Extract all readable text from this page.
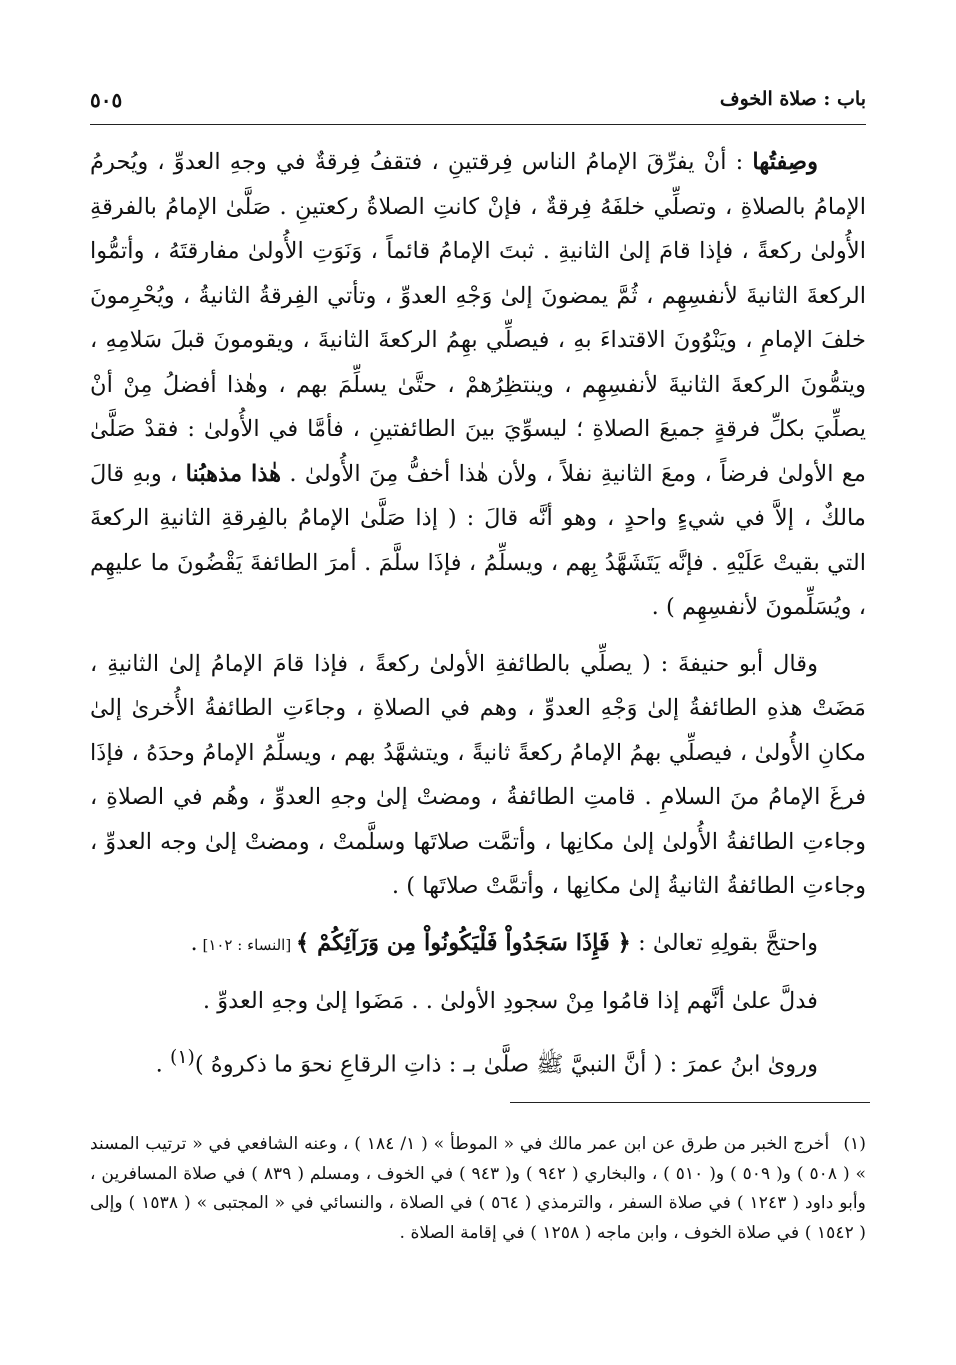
باب : صلاة الخوف
٥٠٥

وصِفتُها : أنْ يفرِّقَ الإمامُ الناس فِرقتينِ ، فتقفُ فِرقةٌ في وجهِ العدوِّ ، ويُحرمُ الإمامُ بالصلاةِ ، وتصلِّي خلفَهُ فِرقةٌ ، فإنْ كانتِ الصلاةُ ركعتينِ . صَلَّىٰ الإمامُ بالفرقةِ الأُولىٰ ركعةً ، فإذا قامَ إلىٰ الثانيةِ . ثبتَ الإمامُ قائماً ، وَنَوَتِ الأُولىٰ مفارقتَهُ ، وأتمُّوا الركعةَ الثانيةَ لأنفسِهِم ، ثُمَّ يمضونَ إلىٰ وَجْهِ العدوِّ ، وتأتي الفِرقةُ الثانيةُ ، ويُحْرِمونَ خلفَ الإمامِ ، ويَنْوُونَ الاقتداءَ بهِ ، فيصلِّي بهِمُ الركعةَ الثانيةَ ، ويقومونَ قبلَ سَلامِهِ ، ويتمُّونَ الركعةَ الثانيةَ لأنفسِهِم ، وينتظِرُهمْ ، حتَّىٰ يسلِّمَ بهم ، وهٰذا أفضلُ مِنْ أنْ يصلِّيَ بكلِّ فرقةٍ جميعَ الصلاةِ ؛ ليسوِّيَ بينَ الطائفتينِ ، فأمَّا في الأُولىٰ : فقدْ صَلَّىٰ مع الأولىٰ فرضاً ، ومعَ الثانيةِ نفلاً ، ولأن هٰذا أخفُّ مِنَ الأُولىٰ . هٰذا مذهبُنا ، وبهِ قالَ مالكٌ ، إلاَّ في شيءٍ واحدٍ ، وهو أنَّه قالَ : ( إذا صَلَّىٰ الإمامُ بالفِرقةِ الثانيةِ الركعةَ التي بقيتْ عَلَيْهِ . فإنَّه يَتَشَهَّدُ بِهم ، ويسلِّمُ ، فإذَا سلَّمَ . أمرَ الطائفةَ يَقْضُونَ ما عليهِم ، ويُسَلِّمونَ لأنفسِهِم ) .

وقال أبو حنيفةَ : ( يصلِّي بالطائفةِ الأولىٰ ركعةً ، فإذا قامَ الإمامُ إلىٰ الثانيةِ ، مَضَتْ هذهِ الطائفةُ إلىٰ وَجْهِ العدوِّ ، وهم في الصلاةِ ، وجاءَتِ الطائفةُ الأُخرىٰ إلىٰ مكانِ الأُولىٰ ، فيصلِّي بهمُ الإمامُ ركعةً ثانيةً ، ويتشهَّدُ بهم ، ويسلِّمُ الإمامُ وحدَهُ ، فإذَا فرغَ الإمامُ منَ السلامِ . قامتِ الطائفةُ ، ومضتْ إلىٰ وجهِ العدوِّ ، وهُم في الصلاةِ ، وجاءتِ الطائفةُ الأُولىٰ إلىٰ مكانِها ، وأتمَّت صلاتَها وسلَّمتْ ، ومضتْ إلىٰ وجه العدوِّ ، وجاءتِ الطائفةُ الثانيةُ إلىٰ مكانِها ، وأتمَّتْ صلاتَها ) .

واحتجَّ بقولِهِ تعالىٰ : ﴿ فَإِذَا سَجَدُواْ فَلْيَكُونُواْ مِن وَرَآئِكُمْ ﴾ [النساء : ١٠٢] .

فدلَّ علىٰ أنَّهم إذا قامُوا مِنْ سجودِ الأولىٰ . . مَضَوا إلىٰ وجهِ العدوِّ .

وروىٰ ابنُ عمرَ : ( أنَّ النبيَّ ﷺ صلَّىٰ بـ : ذاتِ الرقاعِ نحوَ ما ذكروهُ )$^{(١)}$ .

(١)أخرج الخبر من طرق عن ابن عمر مالك في « الموطأ » ( ١/ ١٨٤ ) ، وعنه الشافعي في « ترتيب المسند » ( ٥٠٨ ) و( ٥٠٩ ) و( ٥١٠ ) ، والبخاري ( ٩٤٢ ) و( ٩٤٣ ) في الخوف ، ومسلم ( ٨٣٩ ) في صلاة المسافرين ، وأبو داود ( ١٢٤٣ ) في صلاة السفر ، والترمذي ( ٥٦٤ ) في الصلاة ، والنسائي في « المجتبى » ( ١٥٣٨ ) وإلى ( ١٥٤٢ ) في صلاة الخوف ، وابن ماجه ( ١٢٥٨ ) في إقامة الصلاة .
